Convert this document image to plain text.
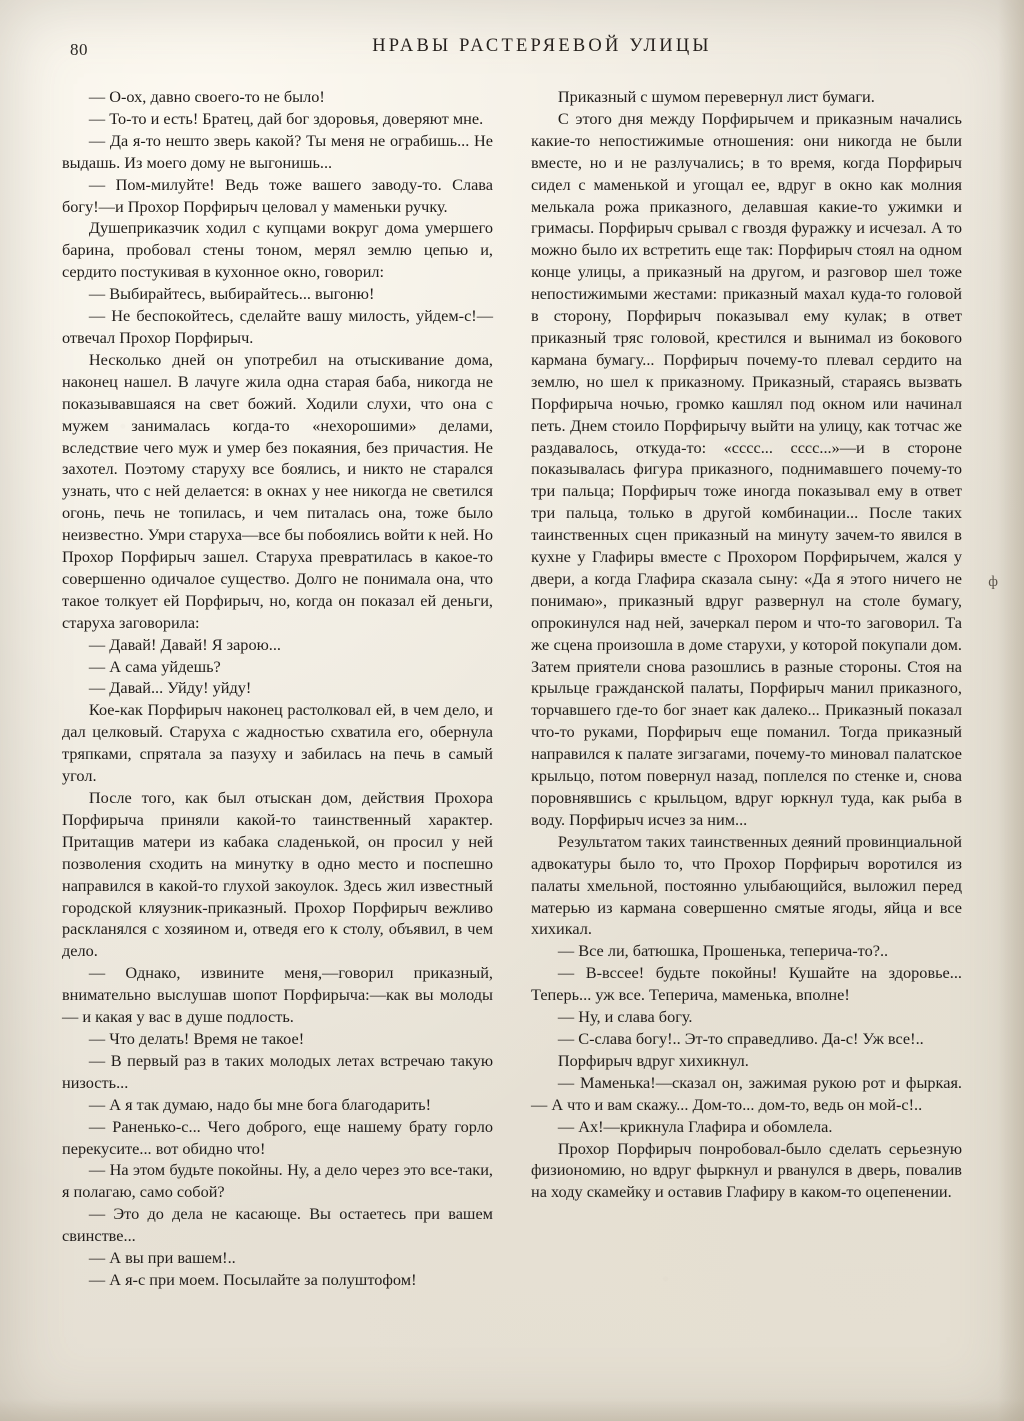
80	НРАВЫ РАСТЕРЯЕВОЙ УЛИЦЫ

— О-ох, давно своего-то не было!

— То-то и есть! Братец, дай бог здоровья, доверяют мне.

— Да я-то нешто зверь какой? Ты меня не ограбишь... Не выдашь. Из моего дому не выгонишь...

— Пом-милуйте! Ведь тоже вашего заводу-то. Слава богу!—и Прохор Порфирыч целовал у маменьки ручку.

Душеприказчик ходил с купцами вокруг дома умершего барина, пробовал стены тоном, мерял землю цепью и, сердито постукивая в кухонное окно, говорил:

— Выбирайтесь, выбирайтесь... выгоню!

— Не беспокойтесь, сделайте вашу милость, уйдем-с!—отвечал Прохор Порфирыч.

Несколько дней он употребил на отыскивание дома, наконец нашел. В лачуге жила одна старая баба, никогда не показывавшаяся на свет божий. Ходили слухи, что она с мужем занималась когда-то «нехорошими» делами, вследствие чего муж и умер без покаяния, без причастия. Не захотел. Поэтому старуху все боялись, и никто не старался узнать, что с ней делается: в окнах у нее никогда не светился огонь, печь не топилась, и чем питалась она, тоже было неизвестно. Умри старуха—все бы побоялись войти к ней. Но Прохор Порфирыч зашел. Старуха превратилась в какое-то совершенно одичалое существо. Долго не понимала она, что такое толкует ей Порфирыч, но, когда он показал ей деньги, старуха заговорила:

— Давай! Давай! Я зарою...

— А сама уйдешь?

— Давай... Уйду! уйду!

Кое-как Порфирыч наконец растолковал ей, в чем дело, и дал целковый. Старуха с жадностью схватила его, обернула тряпками, спрятала за пазуху и забилась на печь в самый угол.

После того, как был отыскан дом, действия Прохора Порфирыча приняли какой-то таинственный характер. Притащив матери из кабака сладенькой, он просил у ней позволения сходить на минутку в одно место и поспешно направился в какой-то глухой закоулок. Здесь жил известный городской кляузник-приказный. Прохор Порфирыч вежливо раскланялся с хозяином и, отведя его к столу, объявил, в чем дело.

— Однако, извините меня,—говорил приказный, внимательно выслушав шопот Порфирыча:—как вы молоды — и какая у вас в душе подлость.

— Что делать! Время не такое!

— В первый раз в таких молодых летах встречаю такую низость...

— А я так думаю, надо бы мне бога благодарить!

— Раненько-с... Чего доброго, еще нашему брату горло перекусите... вот обидно что!

— На этом будьте покойны. Ну, а дело через это все-таки, я полагаю, само собой?

— Это до дела не касающе. Вы остаетесь при вашем свинстве...

— А вы при вашем!..

— А я-с при моем. Посылайте за полуштофом!

Приказный с шумом перевернул лист бумаги.

С этого дня между Порфирычем и приказным начались какие-то непостижимые отношения: они никогда не были вместе, но и не разлучались; в то время, когда Порфирыч сидел с маменькой и угощал ее, вдруг в окно как молния мелькала рожа приказного, делавшая какие-то ужимки и гримасы. Порфирыч срывал с гвоздя фуражку и исчезал. А то можно было их встретить еще так: Порфирыч стоял на одном конце улицы, а приказный на другом, и разговор шел тоже непостижимыми жестами: приказный махал куда-то головой в сторону, Порфирыч показывал ему кулак; в ответ приказный тряс головой, крестился и вынимал из бокового кармана бумагу... Порфирыч почему-то плевал сердито на землю, но шел к приказному. Приказный, стараясь вызвать Порфирыча ночью, громко кашлял под окном или начинал петь. Днем стоило Порфирычу выйти на улицу, как тотчас же раздавалось, откуда-то: «сссс... сссс...»—и в стороне показывалась фигура приказного, поднимавшего почему-то три пальца; Порфирыч тоже иногда показывал ему в ответ три пальца, только в другой комбинации... После таких таинственных сцен приказный на минуту зачем-то явился в кухне у Глафиры вместе с Прохором Порфирычем, жался у двери, а когда Глафира сказала сыну: «Да я этого ничего не понимаю», приказный вдруг развернул на столе бумагу, опрокинулся над ней, зачеркал пером и что-то заговорил. Та же сцена произошла в доме старухи, у которой покупали дом. Затем приятели снова разошлись в разные стороны. Стоя на крыльце гражданской палаты, Порфирыч манил приказного, торчавшего где-то бог знает как далеко... Приказный показал что-то руками, Порфирыч еще поманил. Тогда приказный направился к палате зигзагами, почему-то миновал палатское крыльцо, потом повернул назад, поплелся по стенке и, снова поровнявшись с крыльцом, вдруг юркнул туда, как рыба в воду. Порфирыч исчез за ним...

Результатом таких таинственных деяний провинциальной адвокатуры было то, что Прохор Порфирыч воротился из палаты хмельной, постоянно улыбающийся, выложил перед матерью из кармана совершенно смятые ягоды, яйца и все хихикал.

— Все ли, батюшка, Прошенька, теперича-то?..

— В-вссее! будьте покойны! Кушайте на здоровье... Теперь... уж все. Теперича, маменька, вполне!

— Ну, и слава богу.

— С-слава богу!.. Эт-то справедливо. Да-с! Уж все!..

Порфирыч вдруг хихикнул.

— Маменька!—сказал он, зажимая рукою рот и фыркая.— А что и вам скажу... Дом-то... дом-то, ведь он мой-с!..

— Ах!—крикнула Глафира и обомлела.

Прохор Порфирыч понробовал-было сделать серьезную физиономию, но вдруг фыркнул и рванулся в дверь, повалив на ходу скамейку и оставив Глафиру в каком-то оцепенении.

ф
